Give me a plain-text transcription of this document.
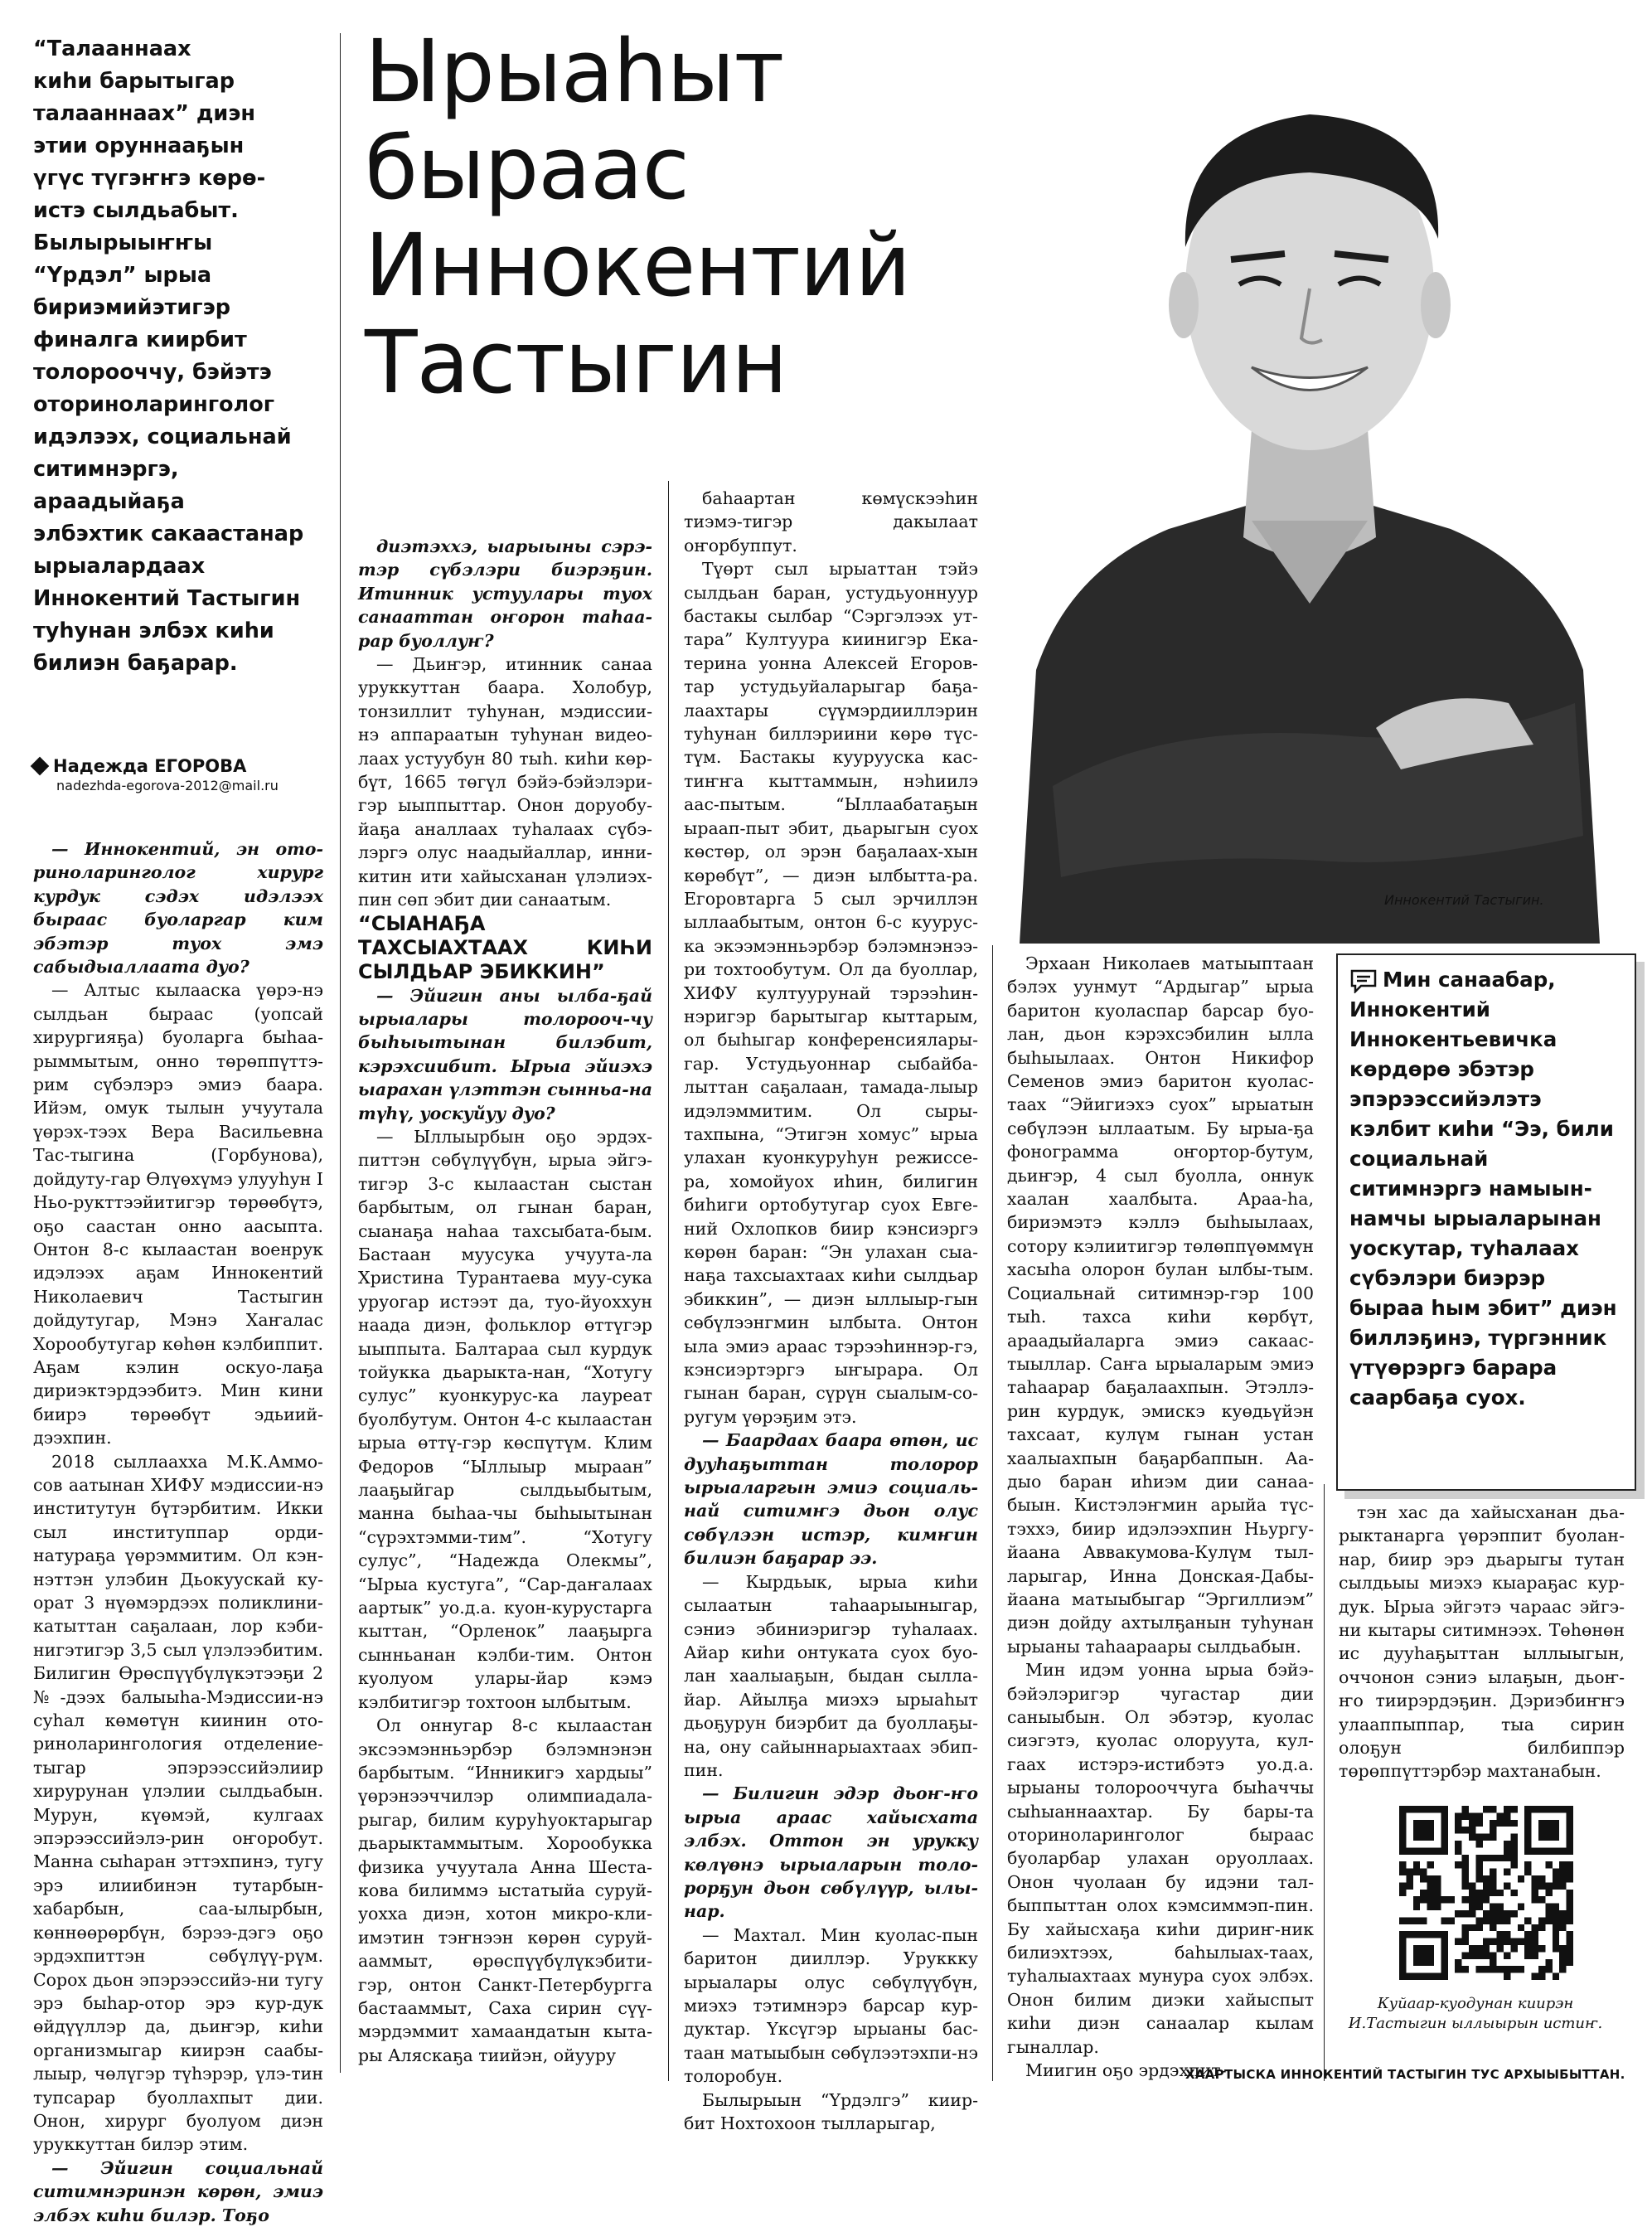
“Талааннаах

киһи барытыгар

талааннаах” диэн

этии оруннааҕын

үгүс түгэҥҥэ көрө-

истэ сылдьабыт.

Былырыыҥҥы

“Үрдэл” ырыа

бириэмийэтигэр

финалга киирбит

толорооччу, бэйэтэ

оториноларинголог

идэлээх, социальнай

ситимнэргэ,

араадыйаҕа

элбэхтик сакаастанар

ырыалардаах

Иннокентий Тастыгин

туһунан элбэх киһи

билиэн баҕарар.

Ырыаһыт
быраас
Иннокентий
Тастыгин
Надежда ЕГОРОВА
nadezhda-egorova-2012@mail.ru
Иннокентий Тастыгин.

— Иннокентий, эн ото-риноларинголог хирург курдук сэдэх идэлээх быраас буоларгар ким эбэтэр туох эмэ сабыдыаллаата дуо?

— Алтыс кылааска үөрэ-нэ сылдьан быраас (уопсай хирургияҕа) буоларга быһаа-рыммытым, онно төрөппүттэ-рим сүбэлэрэ эмиэ баара. Ийэм, омук тылын учуутала үөрэх-тээх Вера Васильевна Тас-тыгина (Горбунова), дойдуту-гар Өлүөхүмэ улууһун I Ньо-рукттээйитигэр төрөөбүтэ, оҕо саастан онно аасыпта. Онтон 8-с кылаастан военрук идэлээх аҕам Иннокентий Николаевич Тастыгин дойдутугар, Мэнэ Хаҥалас Хорообутугар көһөн кэлбиппит. Аҕам кэлин оскуо-лаҕа дириэктэрдээбитэ. Мин кини биирэ төрөөбүт эдьиий-дээхпин.

2018 сыллаахха М.К.Аммо-сов аатынан ХИФУ мэдиссии-нэ институтун бүтэрбитим. Икки сыл институппар орди-натураҕа үөрэммитим. Ол кэн-нэттэн улэбин Дьокуускай ку-орат 3 нүөмэрдээх поликлини-катыттан саҕалаан, лор кэби-нигэтигэр 3,5 сыл үлэлээбитим. Билигин Өрөспүүбүлүкэтээҕи 2 №-дээх балыыһа-Мэдиссии-нэ суһал көмөтүн киинин ото-риноларингология отделение-тыгар эпэрээссийэлиир хирурунан үлэлии сылдьабын. Мурун, күөмэй, кулгаах эпэрээссийэлэ-рин оҥоробут. Манна сыһаран эттэхпинэ, тугу эрэ илиибинэн тутарбын-хабарбын, саа-ылырбын, көннөөрөрбүн, бэрээ-дэгэ оҕо эрдэхпиттэн сөбүлүү-рүм. Сорох дьон эпэрээссийэ-ни тугу эрэ быһар-отор эрэ кур-дук өйдүүллэр да, дьиҥэр, киһи организмыгар киирэн саабы-лыыр, чөлүгэр түһэрэр, үлэ-тин тупсарар буоллахпыт дии. Онон, хирург буолуом диэн уруккуттан билэр этим.

— Эйигин социальнай ситимнэринэн көрөн, эмиэ элбэх киһи билэр. Тоҕо

диэтэххэ, ыарыыны сэрэ-тэр сүбэлэри биэрэҕин. Итинник устуулары туох санааттан оҥорон таһаа-рар буоллуҥ?

— Дьиҥэр, итинник санаа уруккуттан баара. Холобур, тонзиллит туһунан, мэдиссии-нэ аппараатын туһунан видео-лаах устуубун 80 тыһ. киһи көр-бүт, 1665 төгүл бэйэ-бэйэлэри-гэр ыыппыттар. Онон доруобу-йаҕа аналлаах туһалаах сүбэ-лэргэ олус наадыйаллар, инни-китин ити хайысханан үлэлиэх-пин сөп эбит дии санаатым.

“СЫАНАҔА ТАХСЫАХТААХ КИҺИ СЫЛДЬАР ЭБИККИН”

— Эйигин аны ылба-ҕай ырыалары толорооч-чу быһыытынан билэбит, кэрэхсиибит. Ырыа эйиэхэ ыарахан үлэттэн сынньа-на түһү, уоскуйуу дуо?

— Ыллыырбын оҕо эрдэх-питтэн сөбүлүүбүн, ырыа эйгэ-тигэр 3-с кылаастан сыстан барбытым, ол гынан баран, сыанаҕа наһаа тахсыбата-бым. Бастаан муусука учуута-ла Христина Турантаева муу-сука уруогар истээт да, туо-йуоххун наада диэн, фольклор өттүгэр ыыппыта. Балтараа сыл курдук тойукка дьарыкта-нан, “Хотугу сулус” куонкурус-ка лауреат буолбутум. Онтон 4-с кылаастан ырыа өттү-гэр көспүтүм. Клим Федоров “Ыллыыр мыраан” лааҕыйгар сылдьыбытым, манна быһаа-чы быһыытынан “сүрэхтэмми-тим”. “Хотугу сулус”, “Надежда Олекмы”, “Ырыа кустуга”, “Сар-даҥалаах аартык” уо.д.а. куон-курустарга кыттан, “Орленок” лааҕырга сынньанан кэлби-тим. Онтон куолуом улары-йар кэмэ кэлбитигэр тохтоон ылбытым.

Ол оннугар 8-с кылаастан эксээмэнньэрбэр бэлэмнэнэн барбытым. “Инникигэ хардыы” үөрэнээччилэр олимпиадала-рыгар, билим куруһуоктарыгар дьарыктаммытым. Хорообукка физика учуутала Анна Шеста-кова билиммэ ыстатыйа суруй-уоххa диэн, хотон микро-кли-имэтин тэҥнээн көрөн суруй-ааммыт, өрөспүүбүлүкэбити-гэр, онтон Санкт-Петербургга бастааммыт, Саха сирин сүү-мэрдэммит хамаандатын кыта-ры Аляскаҕа тиийэн, ойууру

баһаартан көмүскээһин тиэмэ-тигэр дакылаат оҥорбуппут.

Түөрт сыл ырыаттан тэйэ сылдьан баран, устудьуоннуур бастакы сылбар “Сэргэлээх ут-тара” Култуура киинигэр Ека-терина уонна Алексей Егоров-тар устудьуйаларыгар баҕа-лаахтары сүүмэрдииллэрин туһунан биллэриини көрө түс-түм. Бастакы куурууска кас-тиҥҥа кыттаммын, нэһиилэ аас-пытым. “Ыллаабатаҕын ыраап-пыт эбит, дьарыгын суох көстөр, ол эрэн баҕалаах-хын көрөбүт”, — диэн ылбытта-ра. Егоровтарга 5 сыл эрчиллэн ыллаабытым, онтон 6-с куурус-ка экээмэнньэрбэр бэлэмнэнээ-ри тохтообутум. Ол да буоллар, ХИФУ култуурунай тэрээһин-нэригэр барытыгар кыттарым, ол быһыгар конференсиялары-гар. Устудьуоннар сыбайба-лыттан саҕалаан, тамада-лыыр идэлэммитим. Ол сыры-тахпына, “Этигэн хомус” ырыа улахан куонкуруһун режиссе-ра, хомойуох иһин, билигин биһиги ортобутугар суох Евге-ний Охлопков биир кэнсиэргэ көрөн баран: “Эн улахан сыа-наҕа тахсыахтаах киһи сылдьар эбиккин”, — диэн ыллыыр-гын сөбүлээнгмин ылбыта. Онтон ыла эмиэ араас тэрээһиннэр-гэ, кэнсиэртэргэ ыҥырара. Ол гынан баран, сүрүн сыалым-со-ругум үөрэҕим этэ.

— Баардаах баара өтөн, ис дууһаҕыттан толорор ырыаларгын эмиэ социаль-най ситимҥэ дьон олус сөбүлээн истэр, кимҥин билиэн баҕарар ээ.

— Кырдьык, ырыа киһи сылаатын таһаарыыныгар, сэниэ эбиниэригэр туһалаах. Айар киһи онтуката суох буо-лан хаалыаҕын, быдан сылла-йар. Айылҕа миэхэ ырыаһыт дьоҕурун биэрбит да буоллаҕы-на, ону сайыннарыахтаах эбип-пин.

— Билигин эдэр дьоҥ-ҥо ырыа араас хайысхата элбэх. Оттон эн урукку көлүөнэ ырыаларын толо-рорҕун дьон сөбүлүүр, ылы-нар.

— Махтал. Мин куолас-пын баритон дииллэр. Уруккку ырыалары олус сөбүлүүбүн, миэхэ тэтимнэрэ барсар кур-дуктар. Үксүгэр ырыаны бас-таан матыыбын сөбүлээтэхпи-нэ толоробун.

Былырыын “Үрдэлгэ” киир-бит Нохтохоон тылларыгар,

Эрхаан Николаев матыыптаан бэлэх уунмут “Ардыгар” ырыа баритон куоласпар барсар буо-лан, дьон кэрэхсэбилин ылла быһыылаах. Онтон Никифор Семенов эмиэ баритон куолас-таах “Эйигиэхэ суох” ырыатын сөбүлээн ыллаатым. Бу ырыа-ҕа фонограмма оҥортор-бутум, дьиҥэр, 4 сыл буолла, оннук хаалан хаалбыта. Араа-һа, бириэмэтэ кэллэ быһыылаах, сотору кэлиитигэр төлөппүөммүн хасыһа олорон булан ылбы-тым. Социальнай ситимнэр-гэр 100 тыһ. тахса киһи көрбүт, араадыйаларга эмиэ сакаас-тыыллар. Саҥа ырыаларым эмиэ таһаарар баҕалаахпын. Этэллэ-рин курдук, эмискэ куөдьүйэн тахсаат, кулүм гынан устан хаалыахпын баҕарбаппын. Аа-дыо баран иһиэм дии санаа-быын. Кистэлэҥмин арыйа түс-тэххэ, биир идэлээхпин Ньургу-йаана Аввакумова-Кулүм тыл-ларыгар, Инна Донская-Дабы-йаана матыыбыгар “Эргиллиэм” диэн дойду ахтылҕанын туһунан ырыаны таһаараары сылдьабын.

Мин идэм уонна ырыа бэйэ-бэйэлэригэр чугастар дии саныыбын. Ол эбэтэр, куолас сиэгэтэ, куолас олоруута, кул-гаах истэрэ-истибэтэ уо.д.а. ырыаны толорооччуга быһаччы сыһыаннаахтар. Бу бары-та оториноларинголог быраас буоларбар улахан оруоллаах. Онон чуолаан бу идэни тал-быппыттан олох кэмсиммэп-пин. Бу хайысхаҕа киһи дириҥ-ник билиэхтээх, баһылыах-таах, туһалыахтаах мунура суох элбэх. Онон билим диэки хайыспыт киһи диэн санаалар кылам гыналлар.

Миигин оҕо эрдэхпит-

тэн хас да хайысханан дьа-рыктанарга үөрэппит буолан-нар, биир эрэ дьарыгы тутан сылдьыы миэхэ кыараҕас кур-дук. Ырыа эйгэтэ чараас эйгэ-ни кытары ситимнээх. Төһөнөн ис дууһаҕыттан ыллыыгын, оччонон сэниэ ылаҕын, дьоҥ-ҥо тиирэрдэҕин. Дэриэбиҥҥэ улааппыппар, тыа сирин олоҕун билбиппэр төрөппүттэрбэр махтанабын.

Мин санаабар, Иннокентий Иннокентьевичка көрдөрө эбэтэр эпэрээссийэлэтэ кэлбит киһи “Ээ, били социальнай ситимнэргэ намыын-намчы ырыаларынан уоскутар, туһалаах сүбэлэри биэрэр быраа һым эбит” диэн биллэҕинэ, түргэнник үтүөрэргэ барара саарбаҕа суох.
Куйаар-куодунан киирэн И.Тастыгин ыллыырын истиҥ.
ХААРТЫСКА ИННОКЕНТИЙ ТАСТЫГИН ТУС АРХЫЫБЫТТАН.
